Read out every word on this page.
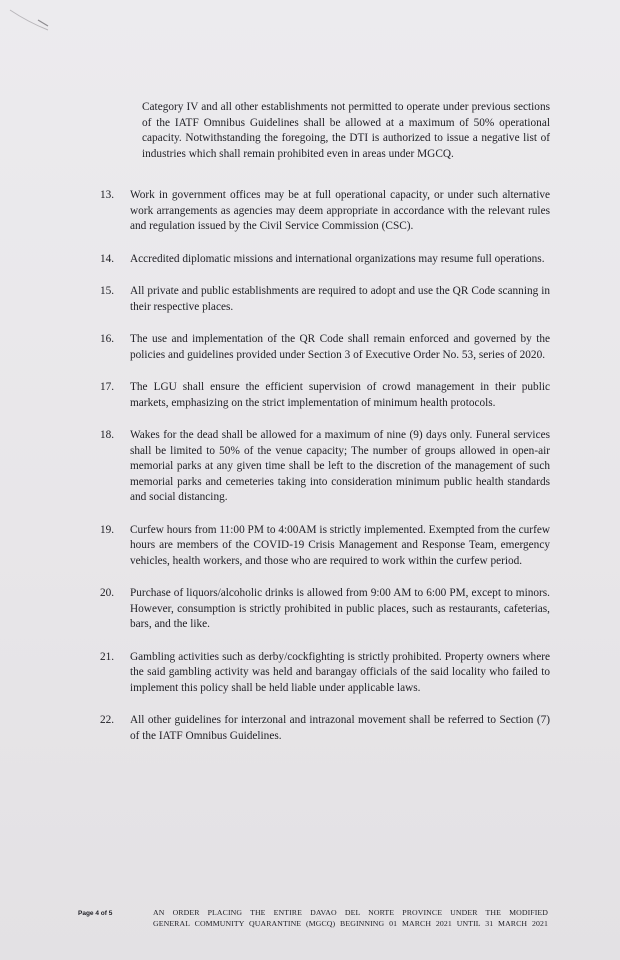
Category IV and all other establishments not permitted to operate under previous sections of the IATF Omnibus Guidelines shall be allowed at a maximum of 50% operational capacity. Notwithstanding the foregoing, the DTI is authorized to issue a negative list of industries which shall remain prohibited even in areas under MGCQ.

13. Work in government offices may be at full operational capacity, or under such alternative work arrangements as agencies may deem appropriate in accordance with the relevant rules and regulation issued by the Civil Service Commission (CSC).
14. Accredited diplomatic missions and international organizations may resume full operations.
15. All private and public establishments are required to adopt and use the QR Code scanning in their respective places.
16. The use and implementation of the QR Code shall remain enforced and governed by the policies and guidelines provided under Section 3 of Executive Order No. 53, series of 2020.
17. The LGU shall ensure the efficient supervision of crowd management in their public markets, emphasizing on the strict implementation of minimum health protocols.
18. Wakes for the dead shall be allowed for a maximum of nine (9) days only. Funeral services shall be limited to 50% of the venue capacity; The number of groups allowed in open-air memorial parks at any given time shall be left to the discretion of the management of such memorial parks and cemeteries taking into consideration minimum public health standards and social distancing.
19. Curfew hours from 11:00 PM to 4:00AM is strictly implemented. Exempted from the curfew hours are members of the COVID-19 Crisis Management and Response Team, emergency vehicles, health workers, and those who are required to work within the curfew period.
20. Purchase of liquors/alcoholic drinks is allowed from 9:00 AM to 6:00 PM, except to minors. However, consumption is strictly prohibited in public places, such as restaurants, cafeterias, bars, and the like.
21. Gambling activities such as derby/cockfighting is strictly prohibited. Property owners where the said gambling activity was held and barangay officials of the said locality who failed to implement this policy shall be held liable under applicable laws.
22. All other guidelines for interzonal and intrazonal movement shall be referred to Section (7) of the IATF Omnibus Guidelines.
Page 4 of 5	AN ORDER PLACING THE ENTIRE DAVAO DEL NORTE PROVINCE UNDER THE MODIFIED
GENERAL COMMUNITY QUARANTINE (MGCQ) BEGINNING 01 MARCH 2021 UNTIL 31 MARCH 2021
